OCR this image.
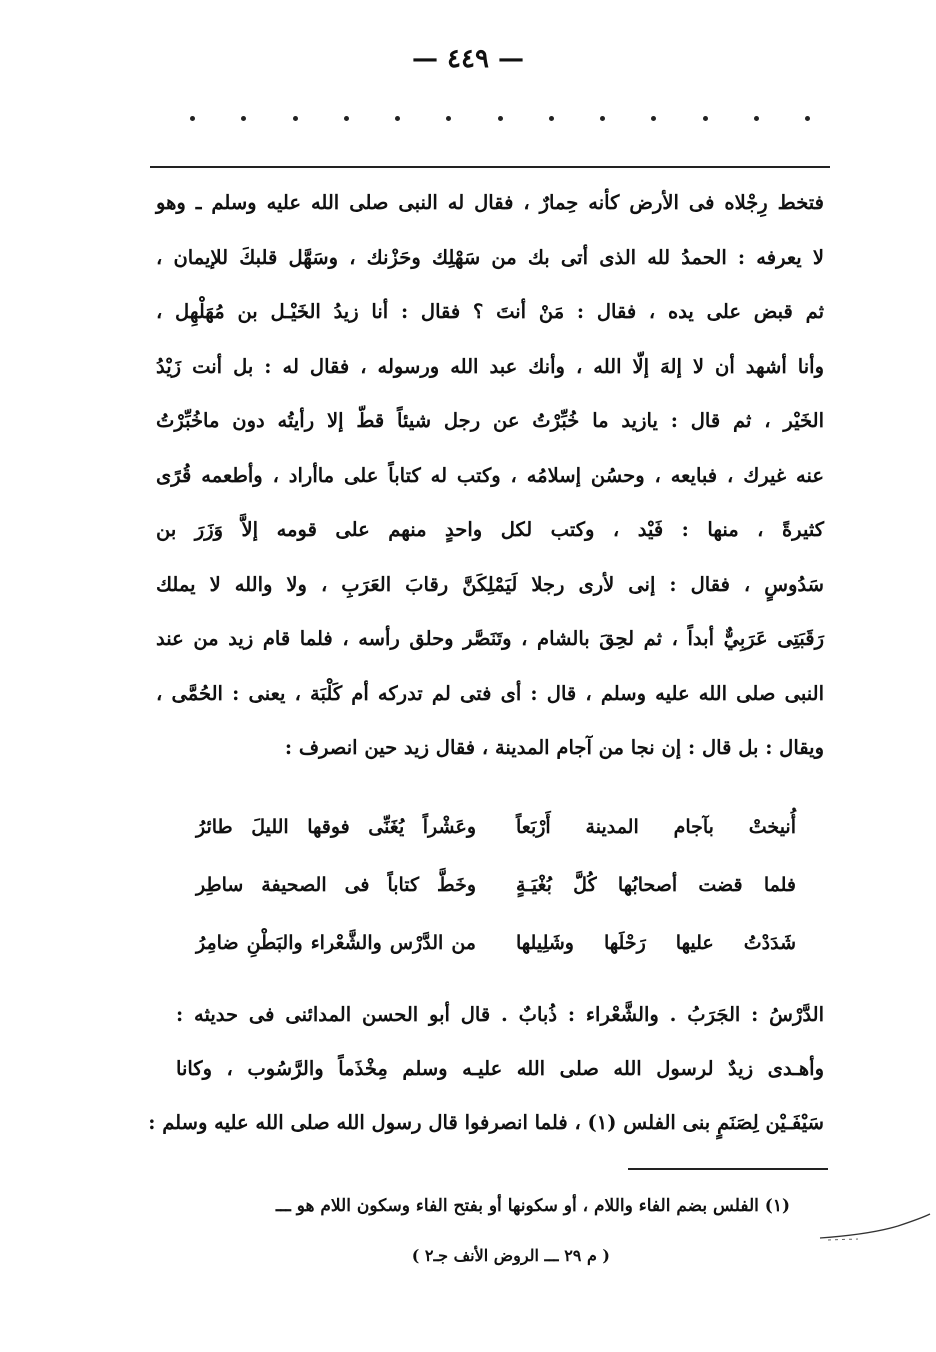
— ٤٤٩ —

فتخط رِجْلاه فى الأرض كأنه حِمارٌ ، فقال له النبى صلى الله عليه وسلم ـ وهو

لا يعرفه : الحمدُ لله الذى أتى بك من سَهْلِك وحَزْنك ، وسَهَّل قلبكَ للإيمان ،

ثم قبض على يده ، فقال : مَنْ أنتَ ؟ فقال : أنا زيدُ الخَيْـل بن مُهَلْهِل ،

وأنا أشهد أن لا إلهَ إلّا الله ، وأنك عبد الله ورسوله ، فقال له : بل أنت زَيْدُ

الخَيْر ، ثم قال : يازيد ما خُبِّرْتُ عن رجل شيئاً قطّ إلا رأيتُه دون ماخُبِّرْتُ

عنه غيرك ، فبايعه ، وحسُن إسلامُه ، وكتب له كتاباً على ماأراد ، وأطعمه قُرًى

كثيرةً ، منها : فَيْد ، وكتب لكل واحدٍ منهم على قومه إلاَّ وَزَرَ بن

سَدُوسٍ ، فقال : إنى لأرى رجلا لَيَمْلِكَنَّ رقابَ العَرَبِ ، ولا والله لا يملك

رَقَبَتِى عَرَبِيٌّ أبداً ، ثم لحِقَ بالشام ، وتَنَصَّر وحلق رأسه ، فلما قام زيد من عند

النبى صلى الله عليه وسلم ، قال : أى فتى لم تدركه أم كَلْبَة ، يعنى : الحُمَّى ،

ويقال : بل قال : إن نجا من آجام المدينة ، فقال زيد حين انصرف :

أُنيختْ بآجام المدينة أَرْبَعاً
وعَشْراً يُغَنِّى فوقها الليلَ طائرُ
فلما قضت أصحابُها كُلَّ بُغْيَـةٍ
وخَطَّ كتاباً فى الصحيفة ساطِر
شَدَدْتُ عليها رَحْلَها وشَلِيلها
من الدَّرْس والشَّعْراء والبَطْنِ ضامِرُ

الدَّرْسُ : الجَرَبُ . والشَّعْراء : ذُبابٌ . قال أبو الحسن المدائنى فى حديثه :

وأهـدى زيدٌ لرسول الله صلى الله عليـه وسلم مِخْذَماً والرَّسُوب ، وكانا

سَيْفَـيْن لِصَنَمٍ بنى الفلس (١) ، فلما انصرفوا قال رسول الله صلى الله عليه وسلم :

(١) الفلس بضم الفاء واللام ، أو سكونها أو بفتح الفاء وسكون اللام هو ـــ
( م ٢٩ ـــ الروض الأنف جـ٢ )
